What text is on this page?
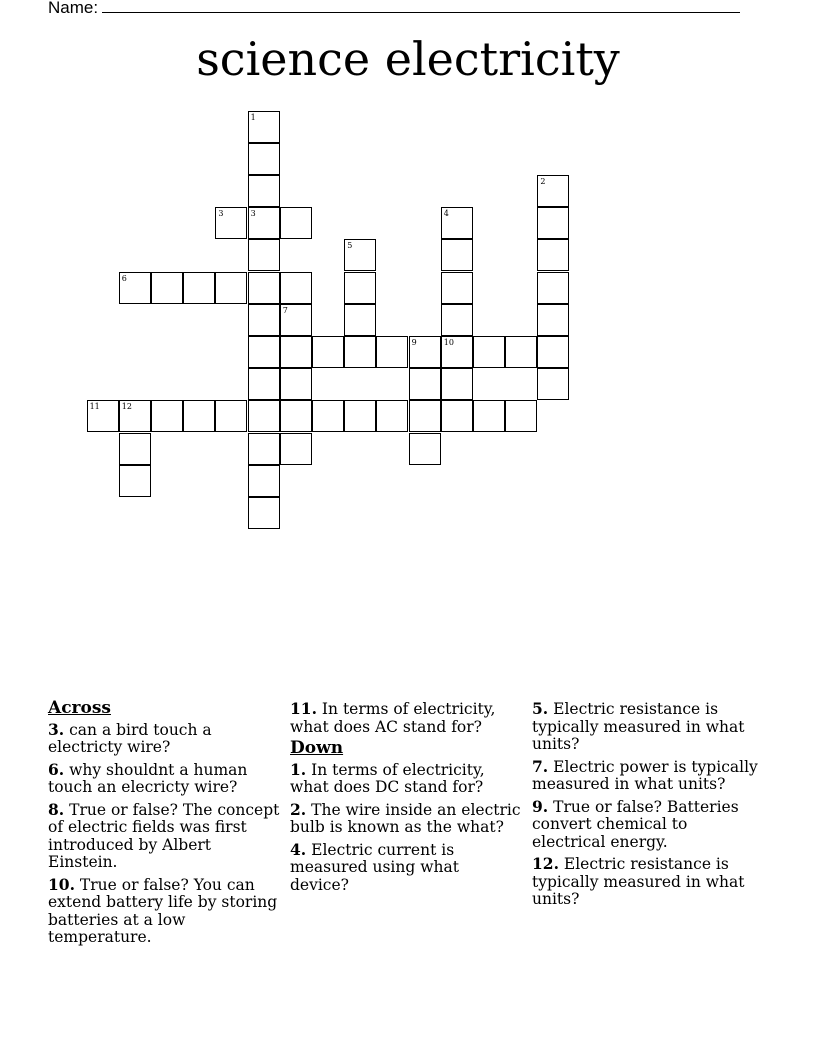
Name:
science electricity
1
3
2
3	4
10
5
6
7
9
11	12
Across
3. can a bird touch a electricty wire?
6. why shouldnt a human touch an elecricty wire?
8. True or false? The concept of electric fields was first introduced by Albert Einstein.
10. True or false? You can extend battery life by storing batteries at a low temperature.
11. In terms of electricity, what does AC stand for?
Down
1. In terms of electricity, what does DC stand for?
2. The wire inside an electric bulb is known as the what?
4. Electric current is measured using what device?
5. Electric resistance is typically measured in what units?
7. Electric power is typically measured in what units?
9. True or false? Batteries convert chemical to electrical energy.
12. Electric resistance is typically measured in what units?
